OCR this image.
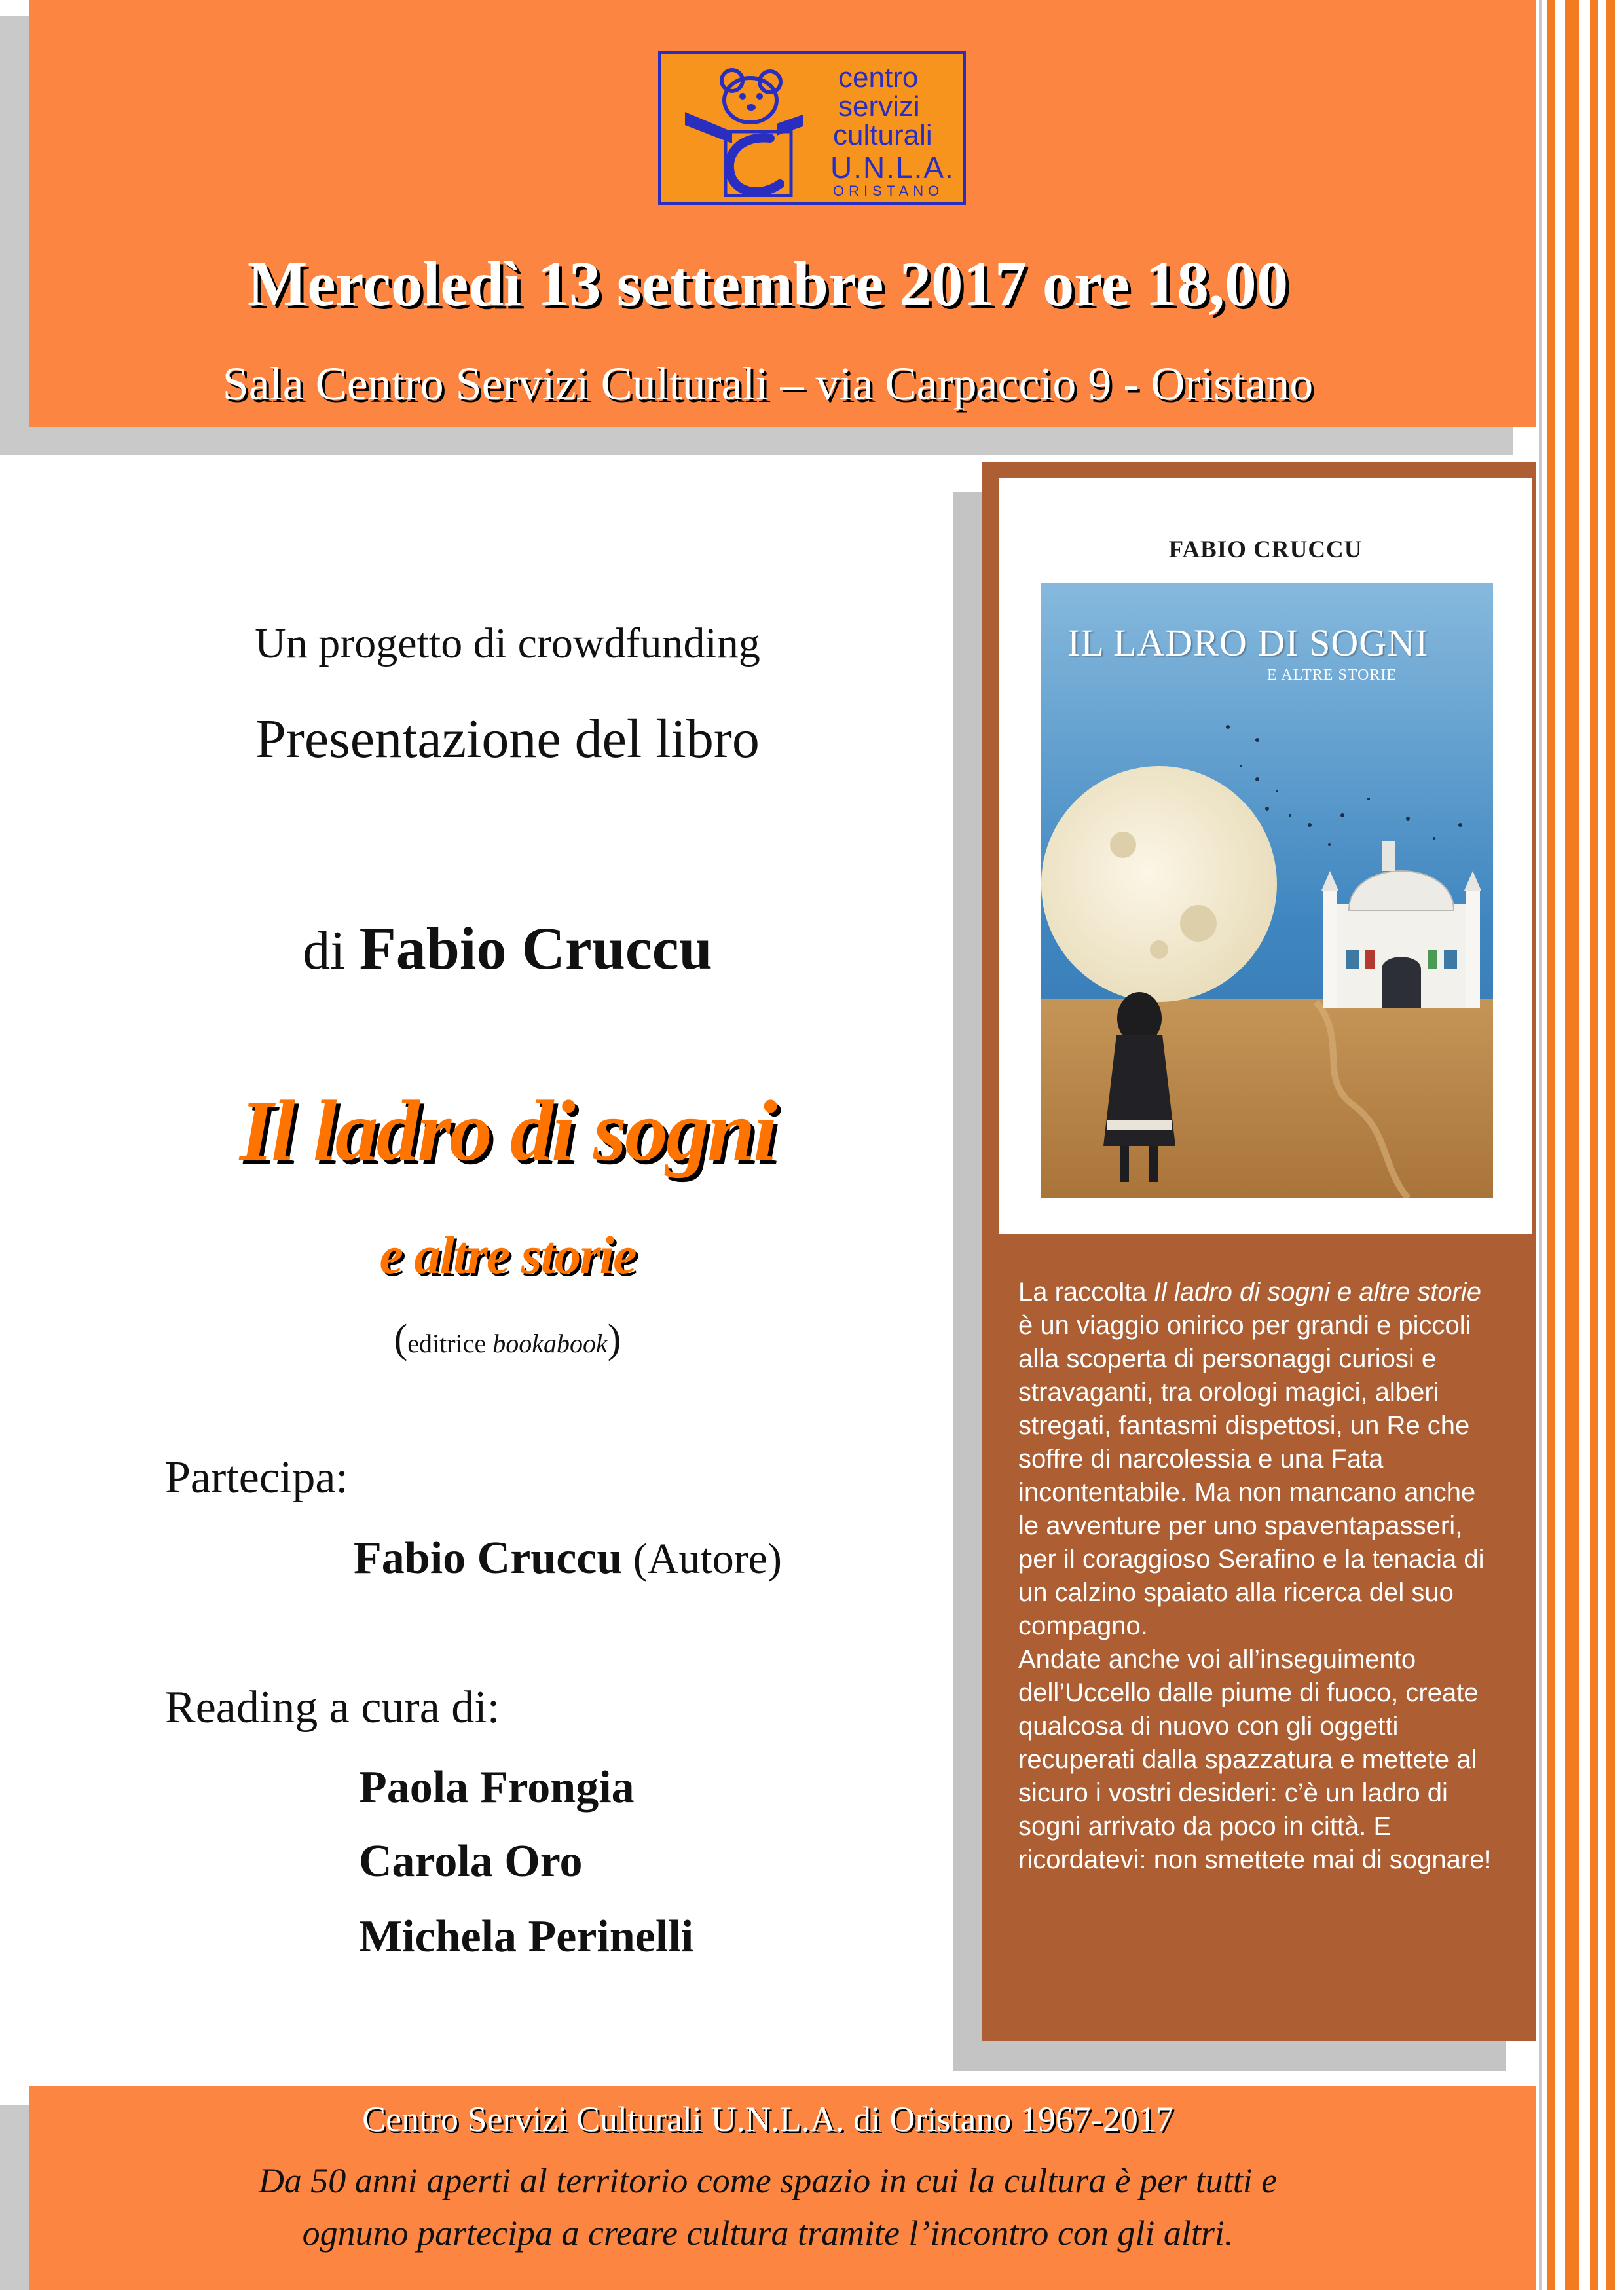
centro
servizi
culturali
U.N.L.A.
ORISTANO
Mercoledì 13 settembre 2017 ore 18,00
Sala Centro Servizi Culturali – via Carpaccio 9 - Oristano
FABIO CRUCCU
IL LADRO DI SOGNI
E ALTRE STORIE
La raccolta Il ladro di sogni e altre storie è un viaggio onirico per grandi e piccoli alla scoperta di personaggi curiosi e stravaganti, tra orologi magici, alberi stregati, fantasmi dispettosi, un Re che soffre di narcolessia e una Fata incontentabile. Ma non mancano anche le avventure per uno spaventapasseri, per il coraggioso Serafino e la tenacia di un calzino spaiato alla ricerca del suo compagno.
Andate anche voi all’inseguimento dell’Uccello dalle piume di fuoco, create qualcosa di nuovo con gli oggetti recuperati dalla spazzatura e mettete al sicuro i vostri desideri: c’è un ladro di sogni arrivato da poco in città. E ricordatevi: non smettete mai di sognare!
Un progetto di crowdfunding
Presentazione del libro
di Fabio Cruccu
Il ladro di sogni
e altre storie
(editrice bookabook)
Partecipa:
Fabio Cruccu (Autore)
Reading a cura di:
Paola Frongia
Carola Oro
Michela Perinelli
Centro Servizi Culturali U.N.L.A. di Oristano 1967-2017
Da 50 anni aperti al territorio come spazio in cui la cultura è per tutti e
ognuno partecipa a creare cultura tramite l’incontro con gli altri.
